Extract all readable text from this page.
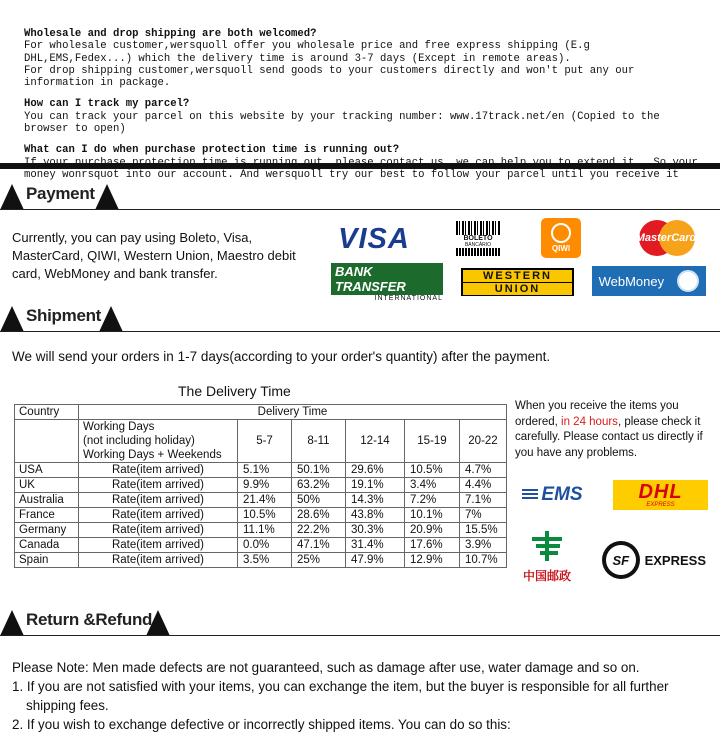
Wholesale and drop shipping are both welcomed?
For wholesale customer,wersquoll offer you wholesale price and free express shipping (E.g DHL,EMS,Fedex...) which the delivery time is around 3-7 days (Except in remote areas).
For drop shipping customer,wersquoll send goods to your customers directly and won't put any our information in package.
How can I track my parcel?
You can track your parcel on this website by your tracking number: www.17track.net/en (Copied to the browser to open)
What can I do when purchase protection time is running out?
money wonrsquot into our account. And wersquoll try our best to follow your parcel until you receive it
Payment
Currently, you can pay using Boleto, Visa, MasterCard, QIWI, Western Union, Maestro debit card, WebMoney and bank transfer.
VISA	BOLETO
BANCÁRIO	QIWI
MasterCard
BANK TRANSFER
INTERNATIONAL
WESTERN
UNION	WebMoney
Shipment
We will send your orders in 1-7 days(according to your order's quantity) after the payment.
The Delivery Time
Country	Delivery Time					
	Working Days	5-7	8-11	12-14	15-19	20-22
	(not including holiday)					
	Working Days + Weekends					
USA	Rate(item arrived)	5.1%	50.1%	29.6%	10.5%	4.7%
UK	Rate(item arrived)	9.9%	63.2%	19.1%	3.4%	4.4%
Australia	Rate(item arrived)	21.4%	50%	14.3%	7.2%	7.1%
France	Rate(item arrived)	10.5%	28.6%	43.8%	10.1%	7%
Germany	Rate(item arrived)	11.1%	22.2%	30.3%	20.9%	15.5%
Canada	Rate(item arrived)	0.0%	47.1%	31.4%	17.6%	3.9%
Spain	Rate(item arrived)	3.5%	25%	47.9%	12.9%	10.7%
When you receive the items you ordered, in 24 hours, please check it carefully. Please contact us directly if you have any problems.
EMS	DHL
EXPRESS
中国邮政
SF EXPRESS
Return &Refund

Please Note: Men made defects are not guaranteed, such as damage after use, water damage and so on.

1. If you are not satisfied with your items, you can exchange the item, but the buyer is responsible for all further

shipping fees.

2. If you wish to exchange defective or incorrectly shipped items. You can do so this:
